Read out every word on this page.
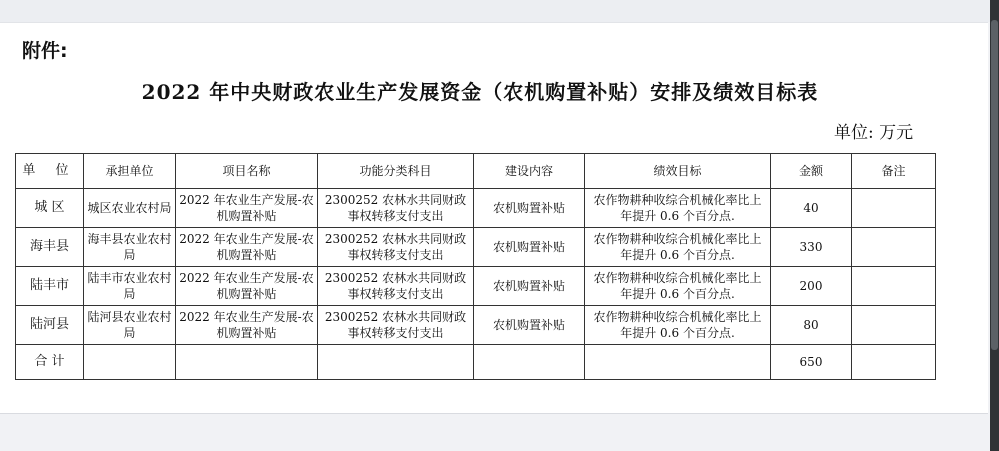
附件:
2022 年中央财政农业生产发展资金（农机购置补贴）安排及绩效目标表
单位: 万元
单 位	承担单位	项目名称	功能分类科目	建设内容	绩效目标	金额	备注
城 区	城区农业农村局	2022 年农业生产发展-农机购置补贴	2300252 农林水共同财政事权转移支付支出	农机购置补贴	农作物耕种收综合机械化率比上年提升 0.6 个百分点.	40	
海丰县	海丰县农业农村局	2022 年农业生产发展-农机购置补贴	2300252 农林水共同财政事权转移支付支出	农机购置补贴	农作物耕种收综合机械化率比上年提升 0.6 个百分点.	330	
陆丰市	陆丰市农业农村局	2022 年农业生产发展-农机购置补贴	2300252 农林水共同财政事权转移支付支出	农机购置补贴	农作物耕种收综合机械化率比上年提升 0.6 个百分点.	200	
陆河县	陆河县农业农村局	2022 年农业生产发展-农机购置补贴	2300252 农林水共同财政事权转移支付支出	农机购置补贴	农作物耕种收综合机械化率比上年提升 0.6 个百分点.	80	
合 计						650	
